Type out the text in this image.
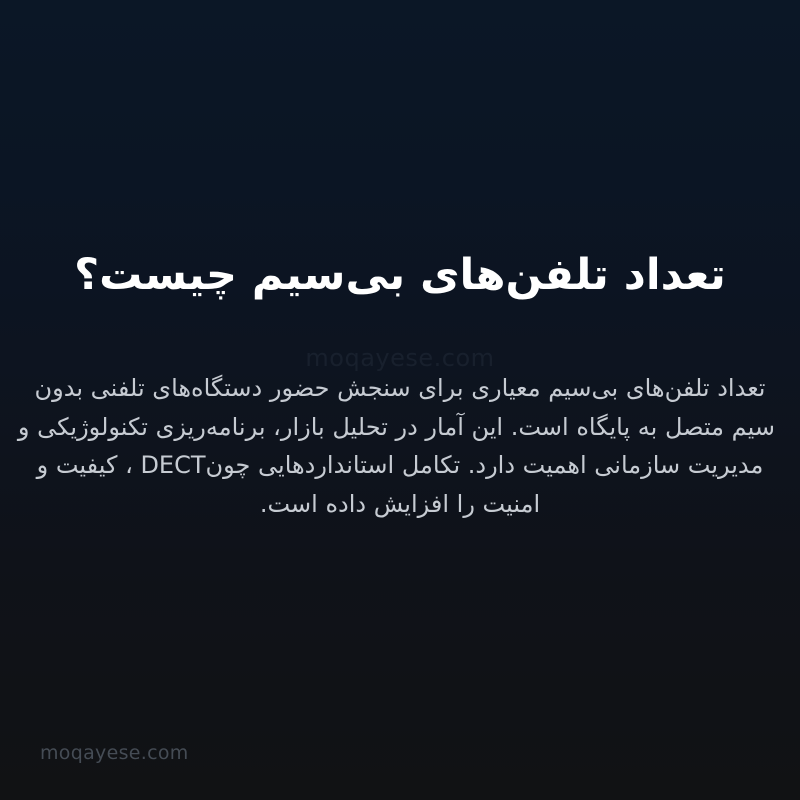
تعداد تلفن‌های بی‌سیم چیست؟
moqayese.com
تعداد تلفن‌های بی‌سیم معیاری برای سنجش حضور دستگاه‌های تلفنی بدون
سیم متصل به پایگاه است. این آمار در تحلیل بازار، برنامه‌ریزی تکنولوژیکی و
مدیریت سازمانی اهمیت دارد. تکامل استانداردهایی چونDECT ، کیفیت و
امنیت را افزایش داده است.
moqayese.com
